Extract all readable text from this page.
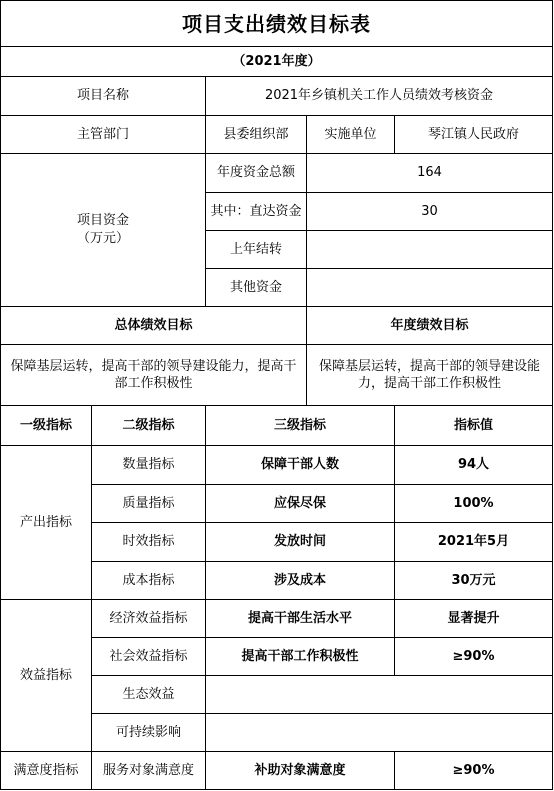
项目支出绩效目标表
（2021年度）
项目名称	2021年乡镇机关工作人员绩效考核资金
主管部门	县委组织部	实施单位	琴江镇人民政府
项目资金
（万元）
年度资金总额	164
其中：直达资金	30
上年结转
其他资金
总体绩效目标	年度绩效目标
保障基层运转，提高干部的领导建设能力，提高干部工作积极性
保障基层运转，提高干部的领导建设能力，提高干部工作积极性
一级指标	二级指标	三级指标	指标值
产出指标
数量指标	保障干部人数	94人
质量指标	应保尽保	100%
时效指标	发放时间	2021年5月
成本指标	涉及成本	30万元
效益指标
经济效益指标	提高干部生活水平	显著提升
社会效益指标	提高干部工作积极性	≥90%
生态效益
可持续影响
满意度指标	服务对象满意度	补助对象满意度	≥90%
